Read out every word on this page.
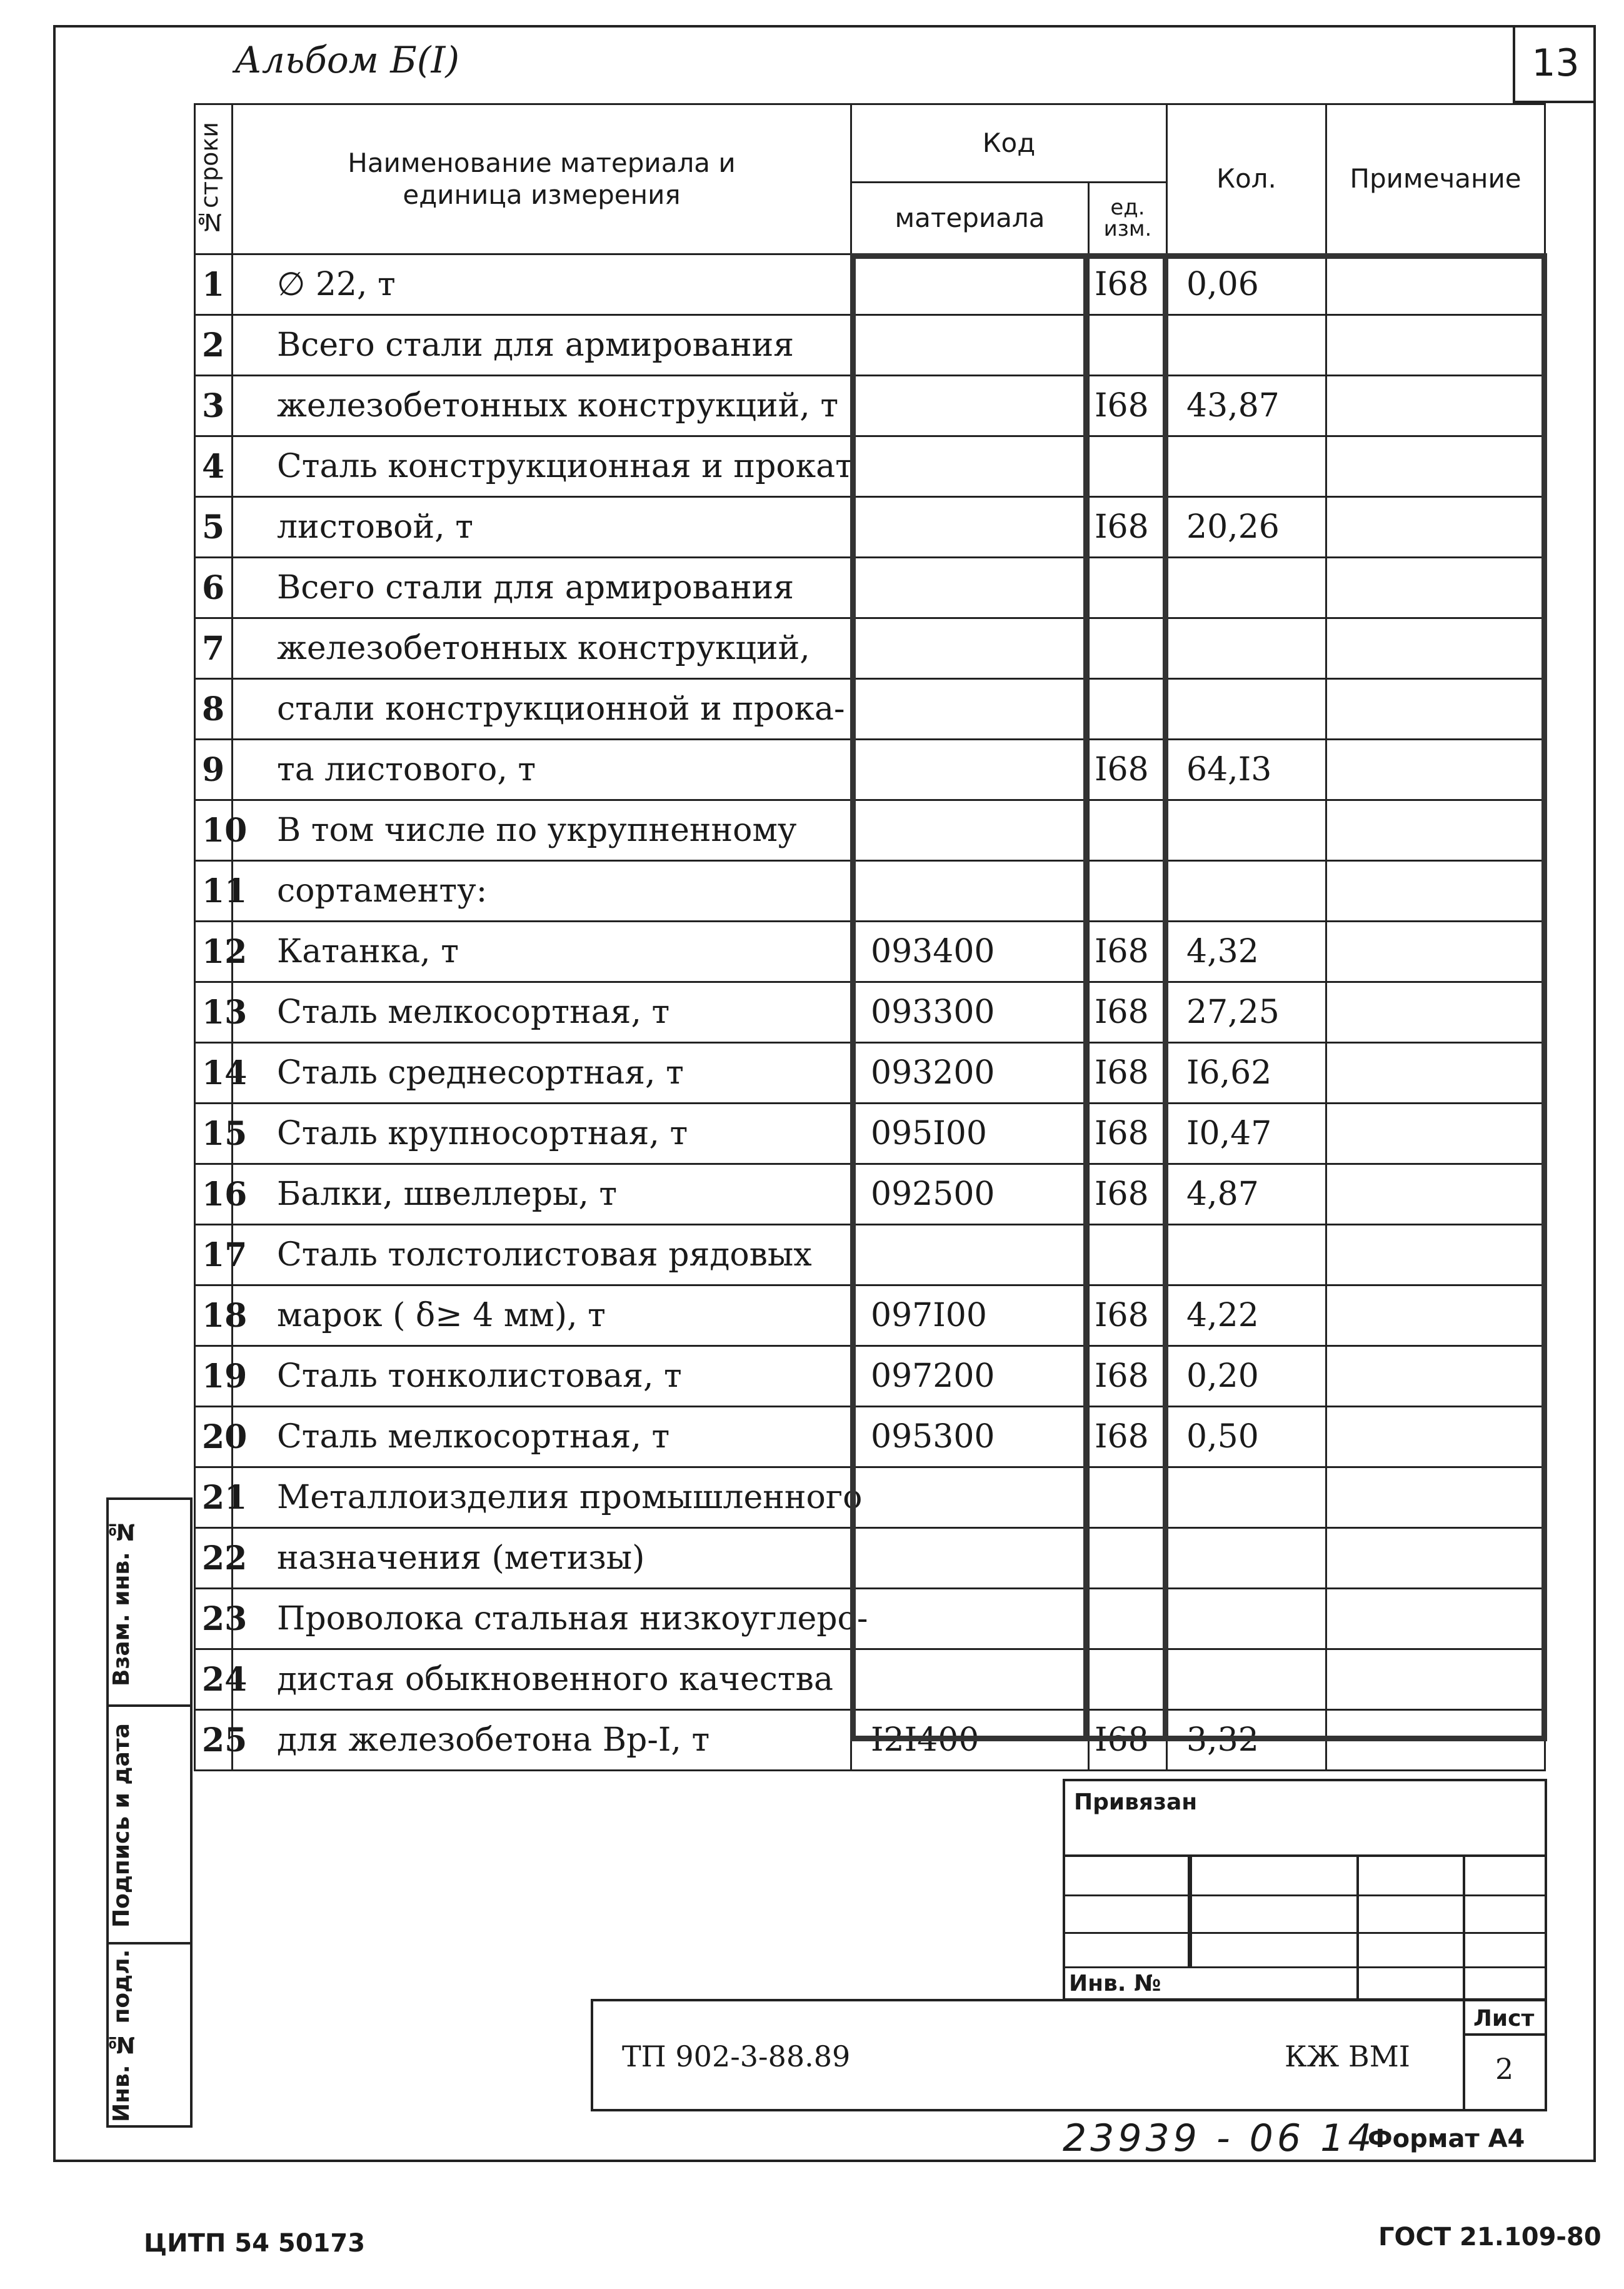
13
Альбом Б(I)
№строки	Наименование материала и единица измерения	Код		Кол.	Примечание
		материала	ед. изм.		
1	∅ 22, т		I68	0,06	
2	Всего стали для армирования				
3	железобетонных конструкций, т		I68	43,87	
4	Сталь конструкционная и прокат				
5	листовой, т		I68	20,26	
6	Всего стали для армирования				
7	железобетонных конструкций,				
8	стали конструкционной и прока-				
9	та листового, т		I68	64,I3	
10	В том числе по укрупненному				
11	сортаменту:				
12	Катанка, т	093400	I68	4,32	
13	Сталь мелкосортная, т	093300	I68	27,25	
14	Сталь среднесортная, т	093200	I68	I6,62	
15	Сталь крупносортная, т	095I00	I68	I0,47	
16	Балки, швеллеры, т	092500	I68	4,87	
17	Сталь толстолистовая рядовых				
18	марок ( δ≥ 4 мм), т	097I00	I68	4,22	
19	Сталь тонколистовая, т	097200	I68	0,20	
20	Сталь мелкосортная, т	095300	I68	0,50	
21	Металлоизделия промышленного				
22	назначения (метизы)				
23	Проволока стальная низкоуглеро-				
24	дистая обыкновенного качества				
25	для железобетона Вр-I, т	I2I400	I68	3,32	
Взам. инв. №
Подпись и дата
Инв. № подл.
Привязан
Инв. №
ТП 902-3-88.89	КЖ ВМI
Лист
2
23939 - 06 14
Формат А4
ЦИТП 54 50173	ГОСТ 21.109-80
